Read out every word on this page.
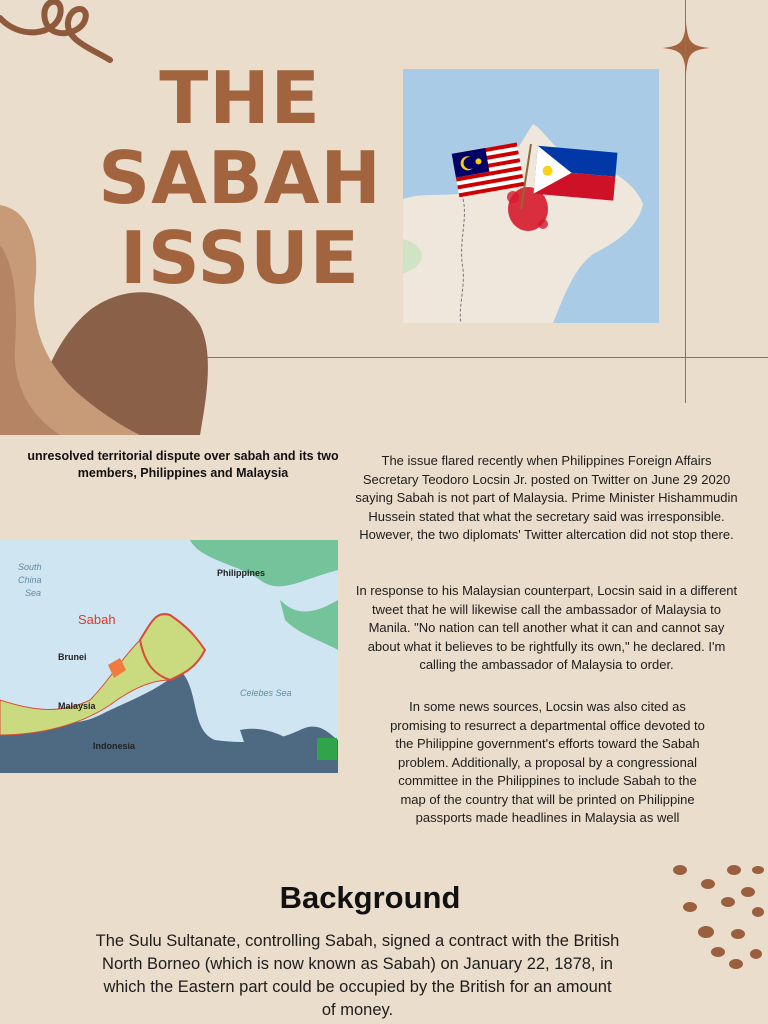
THE
SABAH
ISSUE
unresolved territorial dispute over sabah and its two members, Philippines and Malaysia
South
China
Sea
Philippines
Sabah
Brunei
Malaysia
Celebes Sea
Indonesia
The issue flared recently when Philippines Foreign Affairs Secretary Teodoro Locsin Jr. posted on Twitter on June 29 2020 saying Sabah is not part of Malaysia. Prime Minister Hishammudin Hussein stated that what the secretary said was irresponsible. However, the two diplomats' Twitter altercation did not stop there.
In response to his Malaysian counterpart, Locsin said in a different tweet that he will likewise call the ambassador of Malaysia to Manila. "No nation can tell another what it can and cannot say about what it believes to be rightfully its own," he declared. I'm calling the ambassador of Malaysia to order.
In some news sources, Locsin was also cited as promising to resurrect a departmental office devoted to the Philippine government's efforts toward the Sabah problem. Additionally, a proposal by a congressional committee in the Philippines to include Sabah to the map of the country that will be printed on Philippine passports made headlines in Malaysia as well
Background
The Sulu Sultanate, controlling Sabah, signed a contract with the British North Borneo (which is now known as Sabah) on January 22, 1878, in which the Eastern part could be occupied by the British for an amount of money.
